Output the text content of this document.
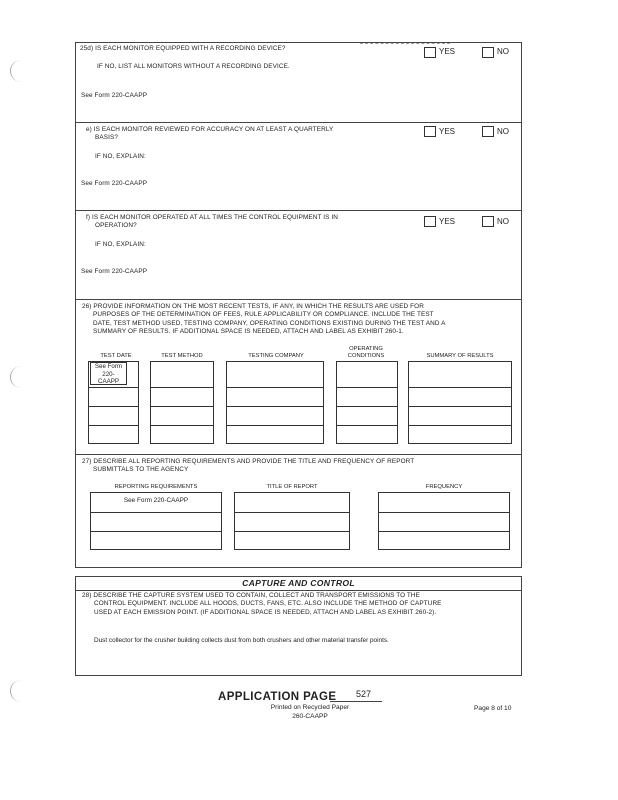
25d) IS EACH MONITOR EQUIPPED WITH A RECORDING DEVICE?	YES	NO
IF NO, LIST ALL MONITORS WITHOUT A RECORDING DEVICE.
See Form 220-CAAPP
e) IS EACH MONITOR REVIEWED FOR ACCURACY ON AT LEAST A QUARTERLY
BASIS?
YES	NO
IF NO, EXPLAIN:
See Form 220-CAAPP
f) IS EACH MONITOR OPERATED AT ALL TIMES THE CONTROL EQUIPMENT IS IN
OPERATION?	YES	NO
IF NO, EXPLAIN:
See Form 220-CAAPP
26) PROVIDE INFORMATION ON THE MOST RECENT TESTS, IF ANY, IN WHICH THE RESULTS ARE USED FOR
PURPOSES OF THE DETERMINATION OF FEES, RULE APPLICABILITY OR COMPLIANCE. INCLUDE THE TEST
DATE, TEST METHOD USED, TESTING COMPANY, OPERATING CONDITIONS EXISTING DURING THE TEST AND A
SUMMARY OF RESULTS. IF ADDITIONAL SPACE IS NEEDED, ATTACH AND LABEL AS EXHIBIT 260-1.
TEST DATE	TEST METHOD	TESTING COMPANY
OPERATING
CONDITIONS	SUMMARY OF RESULTS
See Form
220-
CAAPP
27) DESCRIBE ALL REPORTING REQUIREMENTS AND PROVIDE THE TITLE AND FREQUENCY OF REPORT
SUBMITTALS TO THE AGENCY
REPORTING REQUIREMENTS	TITLE OF REPORT	FREQUENCY
See Form 220-CAAPP
CAPTURE AND CONTROL
28) DESCRIBE THE CAPTURE SYSTEM USED TO CONTAIN, COLLECT AND TRANSPORT EMISSIONS TO THE
CONTROL EQUIPMENT. INCLUDE ALL HOODS, DUCTS, FANS, ETC. ALSO INCLUDE THE METHOD OF CAPTURE
USED AT EACH EMISSION POINT. (IF ADDITIONAL SPACE IS NEEDED, ATTACH AND LABEL AS EXHIBIT 260-2).
Dust collector for the crusher building collects dust from both crushers and other material transfer points.
APPLICATION PAGE 527
Printed on Recycled Paper
260-CAAPP
Page 8 of 10
